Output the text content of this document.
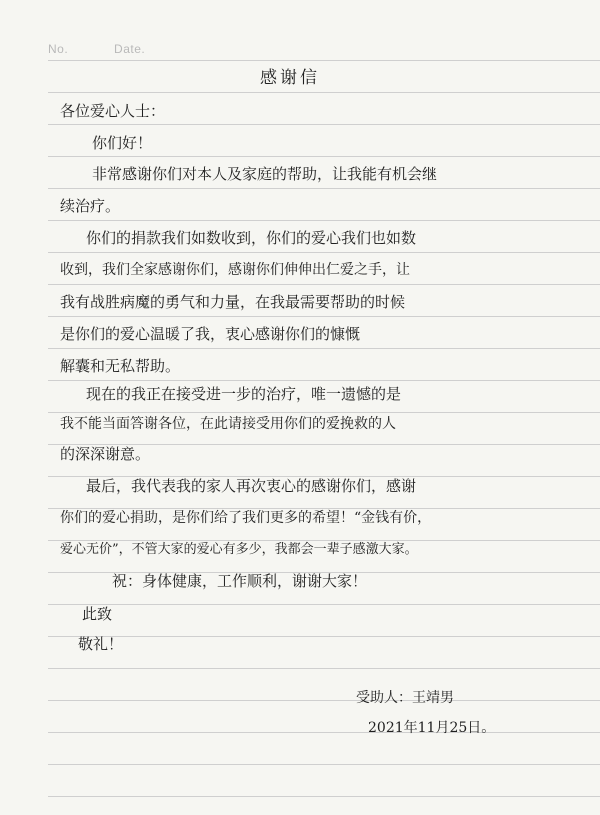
No.	Date.
感谢信
各位爱心人士：
你们好！
非常感谢你们对本人及家庭的帮助，让我能有机会继
续治疗。
你们的捐款我们如数收到，你们的爱心我们也如数
收到，我们全家感谢你们，感谢你们伸伸出仁爱之手，让
我有战胜病魔的勇气和力量，在我最需要帮助的时候
是你们的爱心温暖了我，衷心感谢你们的慷慨
解囊和无私帮助。
现在的我正在接受进一步的治疗，唯一遗憾的是
我不能当面答谢各位，在此请接受用你们的爱挽救的人
的深深谢意。
最后，我代表我的家人再次衷心的感谢你们，感谢
你们的爱心捐助，是你们给了我们更多的希望！“金钱有价，
爱心无价”，不管大家的爱心有多少，我都会一辈子感激大家。
祝：身体健康，工作顺利，谢谢大家！
此致
敬礼！
受助人：王靖男
2021年11月25日。
